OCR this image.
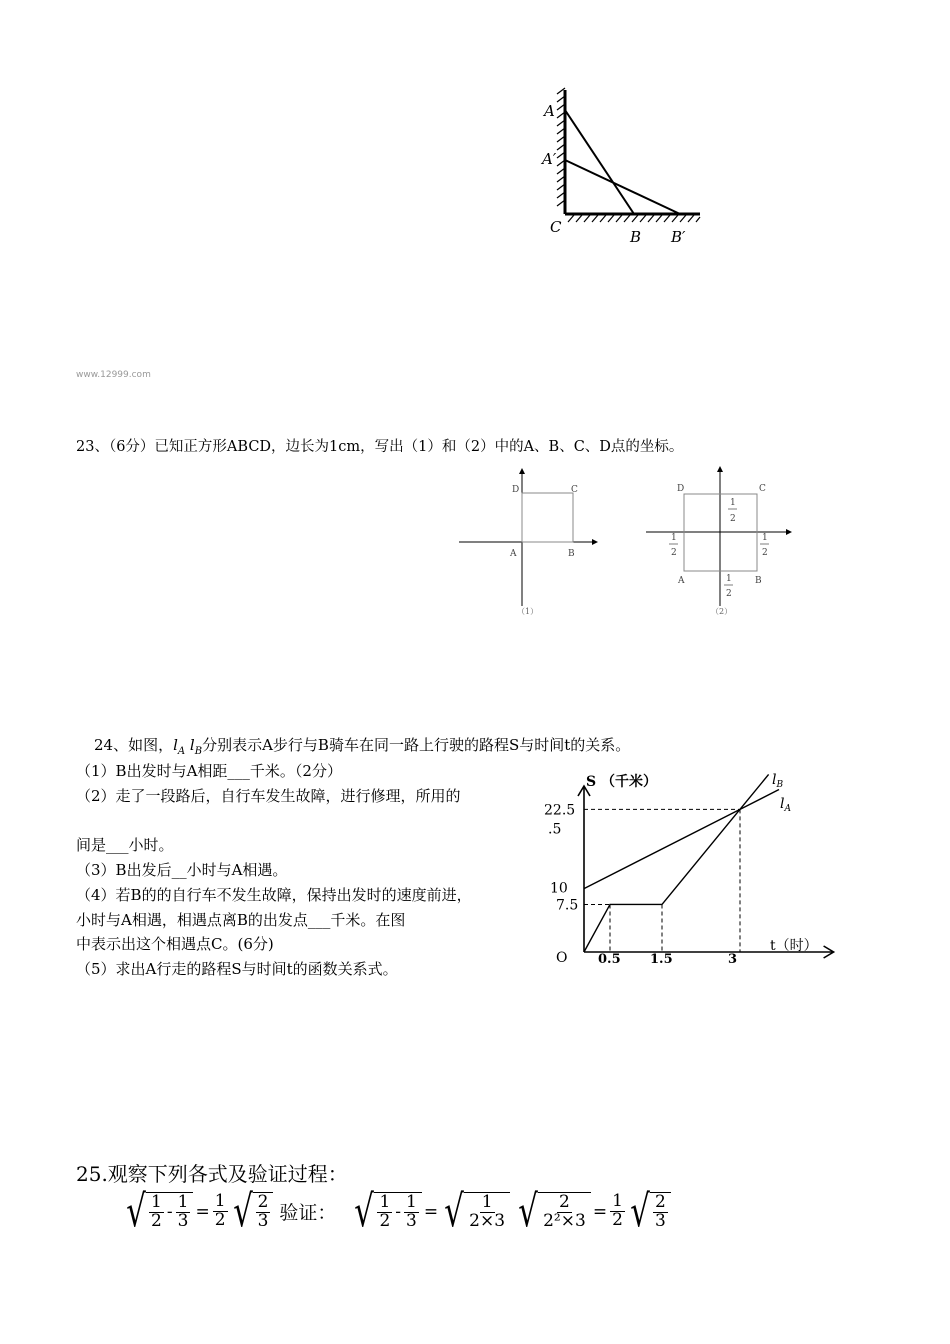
A
A′
C
B B′
www.12999.com
23、（6分）已知正方形ABCD，边长为1cm，写出（1）和（2）中的A、B、C、D点的坐标。
D	C
A	B
（1）
D	C
A	B
1
2
1
2
1
2
1
2
（2）
24、如图，$l_A$ $l_B$分别表示A步行与B骑车在同一路上行驶的路程S与时间t的关系。
（1）B出发时与A相距___千米。（2分）
（2）走了一段路后，自行车发生故障，进行修理，所用的
间是___小时。
（3）B出发后__小时与A相遇。
（4）若B的的自行车不发生故障，保持出发时的速度前进，
小时与A相遇，相遇点离B的出发点___千米。在图
中表示出这个相遇点C。(6分)
（5）求出A行走的路程S与时间t的函数关系式。
0.5 1.5	3
22.5
.5
10
7.5
S （千米）
t（时）
O
$l_B$
$l_A$
25.观察下列各式及验证过程：
√ $\frac{1}{2} - \frac{1}{3} = \frac{1}{2}$ √ $\frac{2}{3}$ 验证： √ $\frac{1}{2} - \frac{1}{3}$ = √ $\frac{1}{2\times 3}$ √ $\frac{2}{\text{2²×3}} = \frac{1}{2}$ √ $\frac{2}{3}$
